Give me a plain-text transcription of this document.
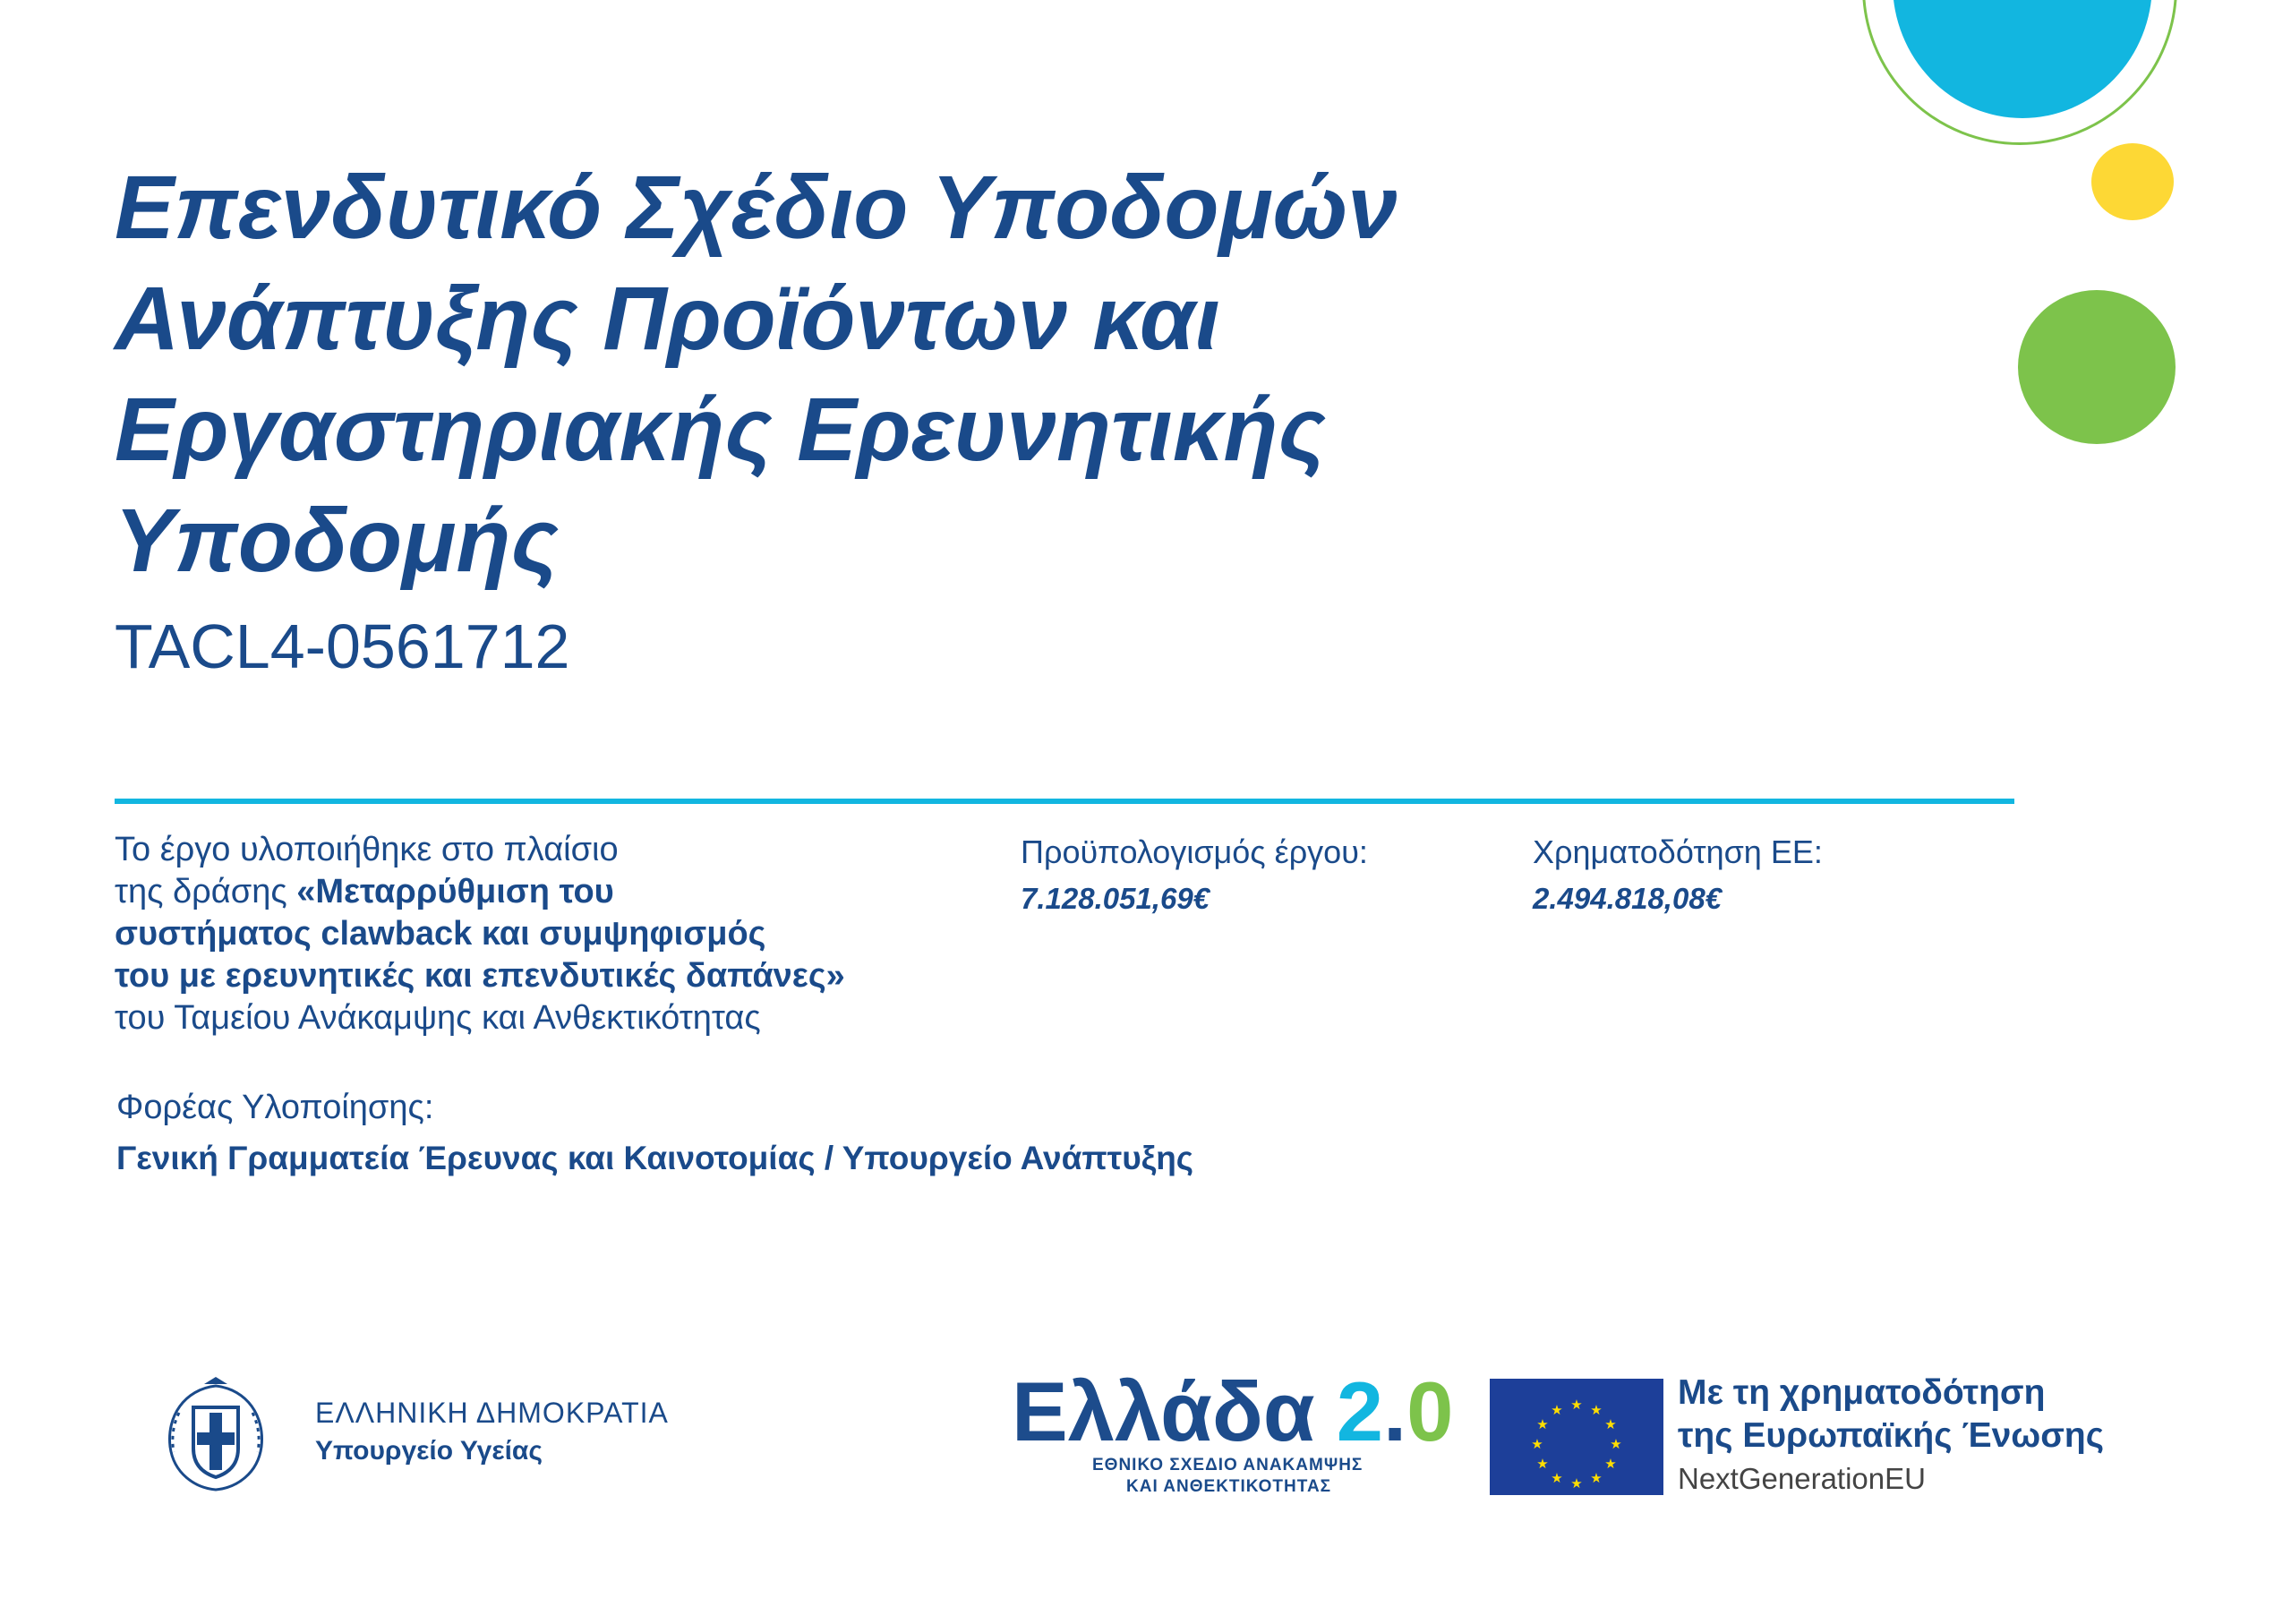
Επενδυτικό Σχέδιο Υποδομών
Ανάπτυξης Προϊόντων και
Εργαστηριακής Ερευνητικής
Υποδομής
TACL4-0561712
Το έργο υλοποιήθηκε στο πλαίσιο
της δράσης «Μεταρρύθμιση του
συστήματος clawback και συμψηφισμός
του με ερευνητικές και επενδυτικές δαπάνες»
του Ταμείου Ανάκαμψης και Ανθεκτικότητας
Προϋπολογισμός έργου:
7.128.051,69€
Χρηματοδότηση ΕΕ:
2.494.818,08€
Φορέας Υλοποίησης:
Γενική Γραμματεία Έρευνας και Καινοτομίας / Υπουργείο Ανάπτυξης
ΕΛΛΗΝΙΚΗ ΔΗΜΟΚΡΑΤΙΑ
Υπουργείο Υγείας	Ελλάδα 2.0
ΕΘΝΙΚΟ ΣΧΕΔΙΟ ΑΝΑΚΑΜΨΗΣ
ΚΑΙ ΑΝΘΕΚΤΙΚΟΤΗΤΑΣ
★ ★
★
★
★
★
★
★
★
★
★
★	Με τη χρηματοδότηση
της Ευρωπαϊκής Ένωσης
NextGenerationEU
